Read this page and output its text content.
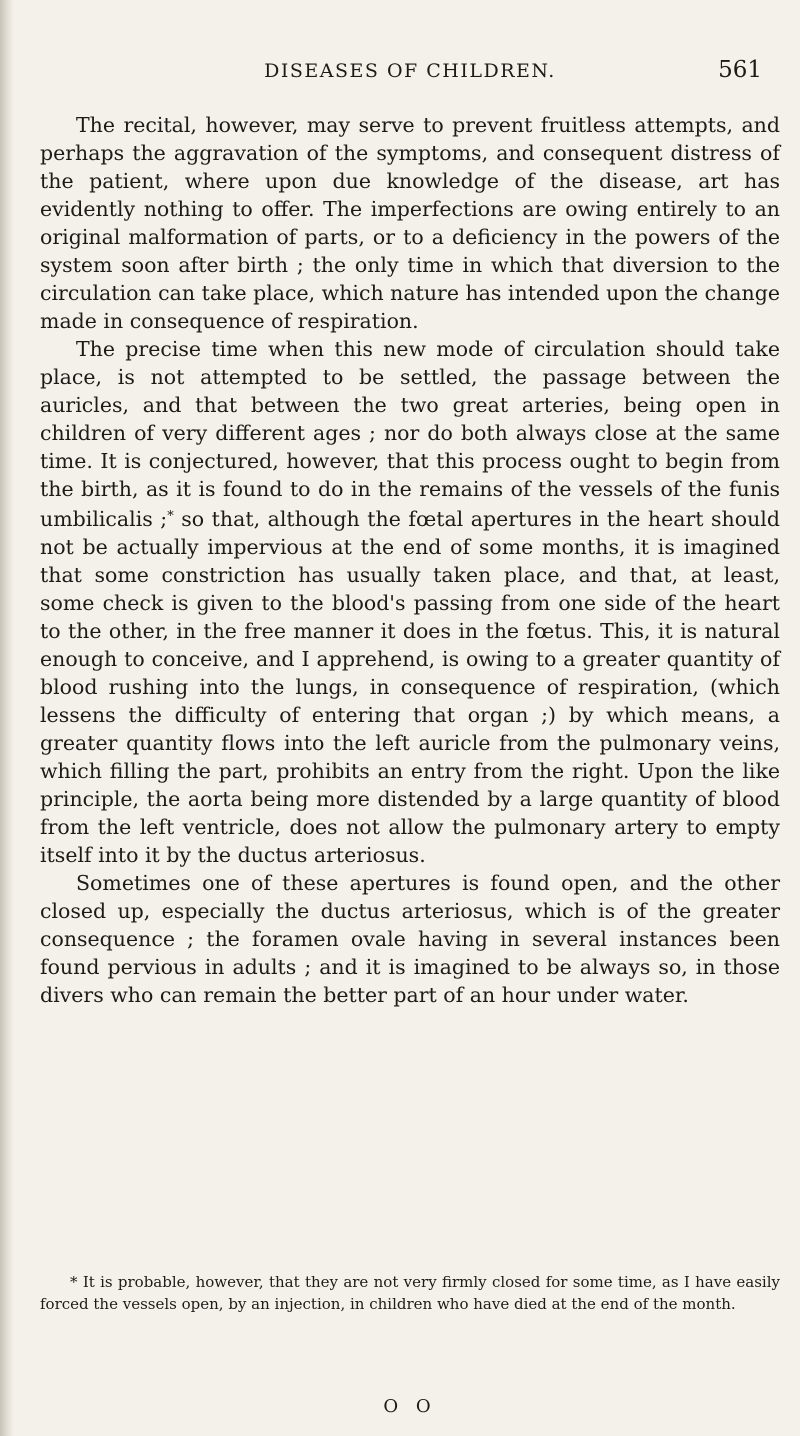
DISEASES OF CHILDREN.	561

The recital, however, may serve to prevent fruitless attempts, and perhaps the aggravation of the symptoms, and consequent distress of the patient, where upon due knowledge of the disease, art has evidently nothing to offer. The imperfections are owing entirely to an original malformation of parts, or to a deficiency in the powers of the system soon after birth ; the only time in which that diversion to the circulation can take place, which nature has intended upon the change made in consequence of respiration.

The precise time when this new mode of circulation should take place, is not attempted to be settled, the passage between the auricles, and that between the two great arteries, being open in children of very different ages ; nor do both always close at the same time. It is conjectured, however, that this process ought to begin from the birth, as it is found to do in the remains of the vessels of the funis umbilicalis ;* so that, although the fœtal apertures in the heart should not be actually impervious at the end of some months, it is imagined that some constriction has usually taken place, and that, at least, some check is given to the blood's passing from one side of the heart to the other, in the free manner it does in the fœtus. This, it is natural enough to conceive, and I apprehend, is owing to a greater quantity of blood rushing into the lungs, in consequence of respiration, (which lessens the difficulty of entering that organ ;) by which means, a greater quantity flows into the left auricle from the pulmonary veins, which filling the part, prohibits an entry from the right. Upon the like principle, the aorta being more distended by a large quantity of blood from the left ventricle, does not allow the pulmonary artery to empty itself into it by the ductus arteriosus.

Sometimes one of these apertures is found open, and the other closed up, especially the ductus arteriosus, which is of the greater consequence ; the foramen ovale having in several instances been found pervious in adults ; and it is imagined to be always so, in those divers who can remain the better part of an hour under water.

* It is probable, however, that they are not very firmly closed for some time, as I have easily forced the vessels open, by an injection, in children who have died at the end of the month.

O O
